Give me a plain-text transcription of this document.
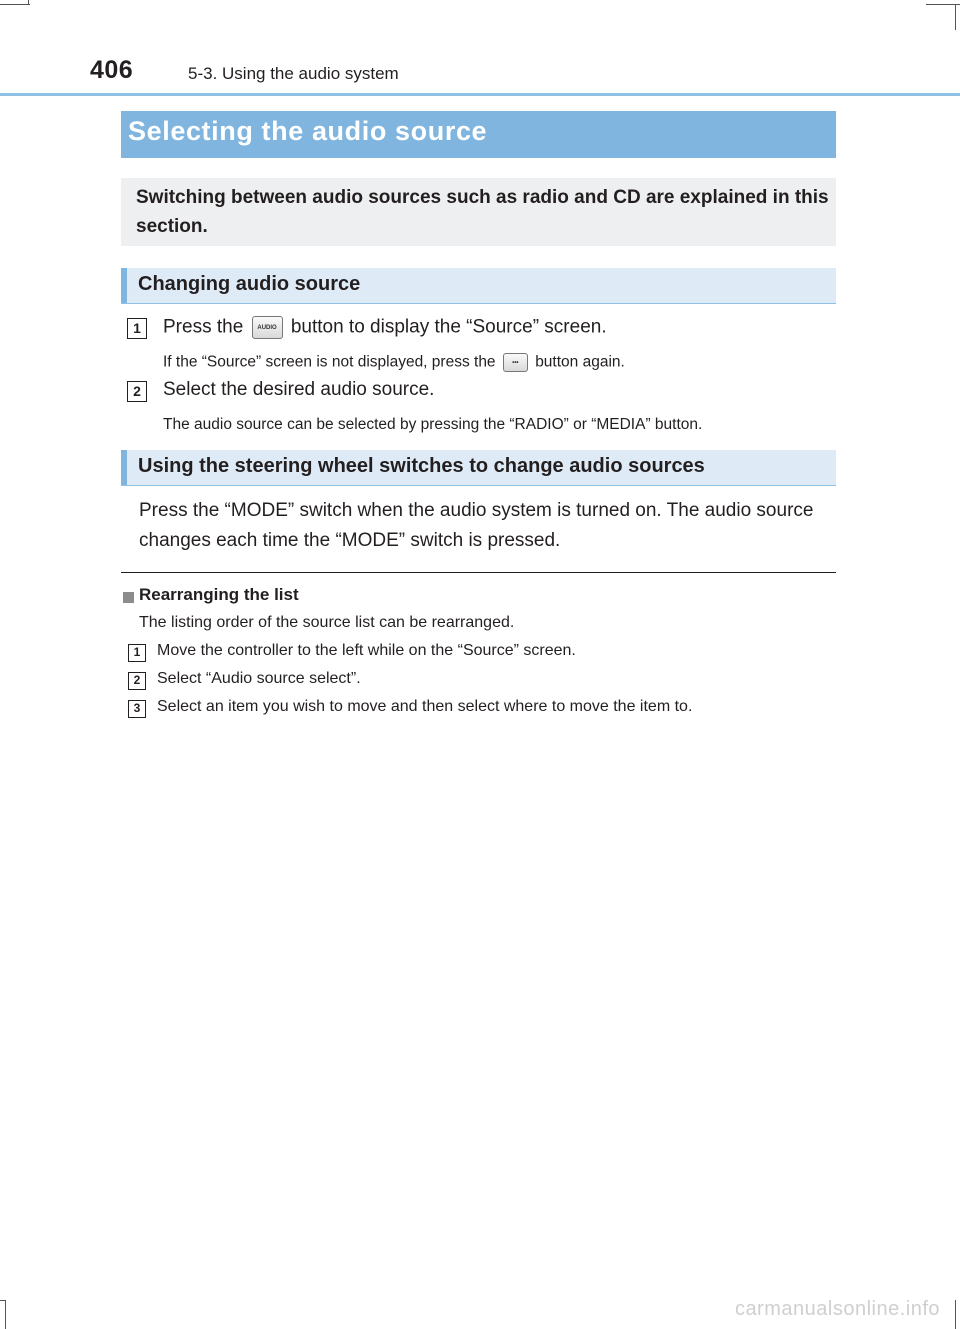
406	5-3. Using the audio system
Selecting the audio source
Switching between audio sources such as radio and CD are explained in this section.
Changing audio source
1	Press the	AUDIO button to display the “Source” screen.
If the “Source” screen is not displayed, press the	•••	button again.
2	Select the desired audio source.
The audio source can be selected by pressing the “RADIO” or “MEDIA” button.
Using the steering wheel switches to change audio sources
Press the “MODE” switch when the audio system is turned on. The audio source changes each time the “MODE” switch is pressed.
Rearranging the list
The listing order of the source list can be rearranged.
1	Move the controller to the left while on the “Source” screen.
2	Select “Audio source select”.
3	Select an item you wish to move and then select where to move the item to.
carmanualsonline.info
